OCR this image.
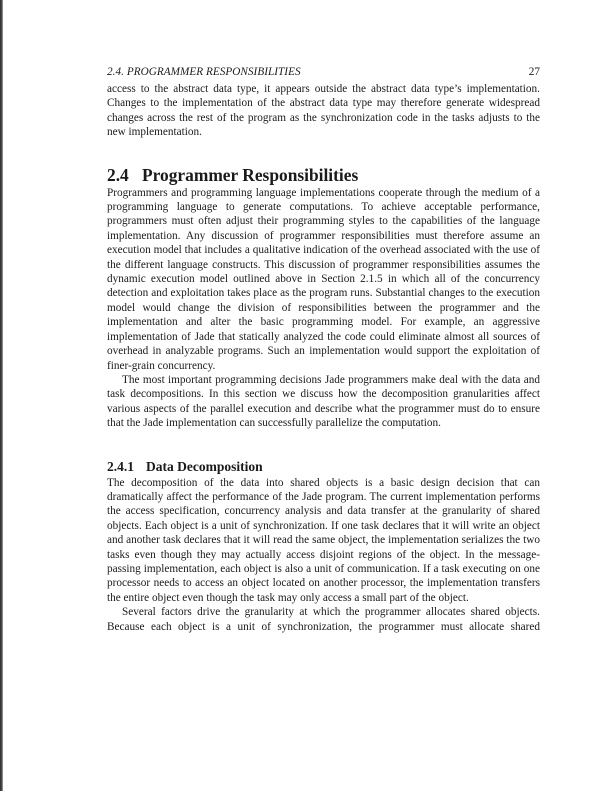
2.4. PROGRAMMER RESPONSIBILITIES	27

access to the abstract data type, it appears outside the abstract data type’s implementation. Changes to the implementation of the abstract data type may therefore generate widespread changes across the rest of the program as the synchronization code in the tasks adjusts to the new implementation.

2.4 Programmer Responsibilities

Programmers and programming language implementations cooperate through the medium of a programming language to generate computations. To achieve acceptable performance, programmers must often adjust their programming styles to the capabilities of the language implementation. Any discussion of programmer responsibilities must therefore assume an execution model that includes a qualitative indication of the overhead associated with the use of the different language constructs. This discussion of programmer responsibilities assumes the dynamic execution model outlined above in Section 2.1.5 in which all of the concurrency detection and exploitation takes place as the program runs. Substantial changes to the execution model would change the division of responsibilities between the programmer and the implementation and alter the basic programming model. For example, an aggressive implementation of Jade that statically analyzed the code could eliminate almost all sources of overhead in analyzable programs. Such an implementation would support the exploitation of finer-grain concurrency.

The most important programming decisions Jade programmers make deal with the data and task decompositions. In this section we discuss how the decomposition granularities affect various aspects of the parallel execution and describe what the programmer must do to ensure that the Jade implementation can successfully parallelize the computation.

2.4.1 Data Decomposition

The decomposition of the data into shared objects is a basic design decision that can dramatically affect the performance of the Jade program. The current implementation performs the access specification, concurrency analysis and data transfer at the granularity of shared objects. Each object is a unit of synchronization. If one task declares that it will write an object and another task declares that it will read the same object, the implementation serializes the two tasks even though they may actually access disjoint regions of the object. In the message-passing implementation, each object is also a unit of communication. If a task executing on one processor needs to access an object located on another processor, the implementation transfers the entire object even though the task may only access a small part of the object.

Several factors drive the granularity at which the programmer allocates shared objects. Because each object is a unit of synchronization, the programmer must allocate shared
